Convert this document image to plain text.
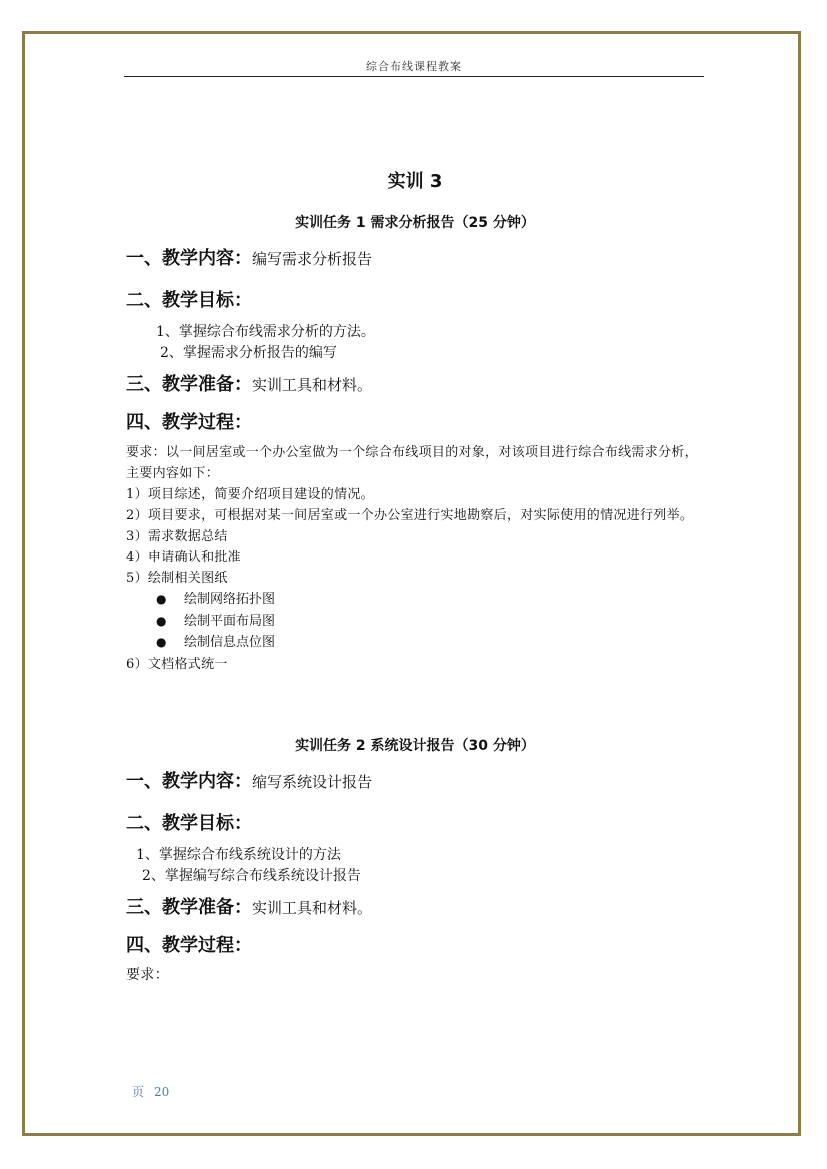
综合布线课程教案
实训 3
实训任务 1 需求分析报告（25 分钟）
一、教学内容：编写需求分析报告
二、教学目标：
1、掌握综合布线需求分析的方法。
2、掌握需求分析报告的编写
三、教学准备：实训工具和材料。
四、教学过程：
要求：以一间居室或一个办公室做为一个综合布线项目的对象，对该项目进行综合布线需求分析，主要内容如下：
1）项目综述，简要介绍项目建设的情况。
2）项目要求，可根据对某一间居室或一个办公室进行实地勘察后，对实际使用的情况进行列举。
3）需求数据总结
4）申请确认和批准
5）绘制相关图纸
● 绘制网络拓扑图
● 绘制平面布局图
● 绘制信息点位图
6）文档格式统一
实训任务 2 系统设计报告（30 分钟）
一、教学内容：缩写系统设计报告
二、教学目标：
1、掌握综合布线系统设计的方法
2、掌握编写综合布线系统设计报告
三、教学准备：实训工具和材料。
四、教学过程：
要求：
页 20
